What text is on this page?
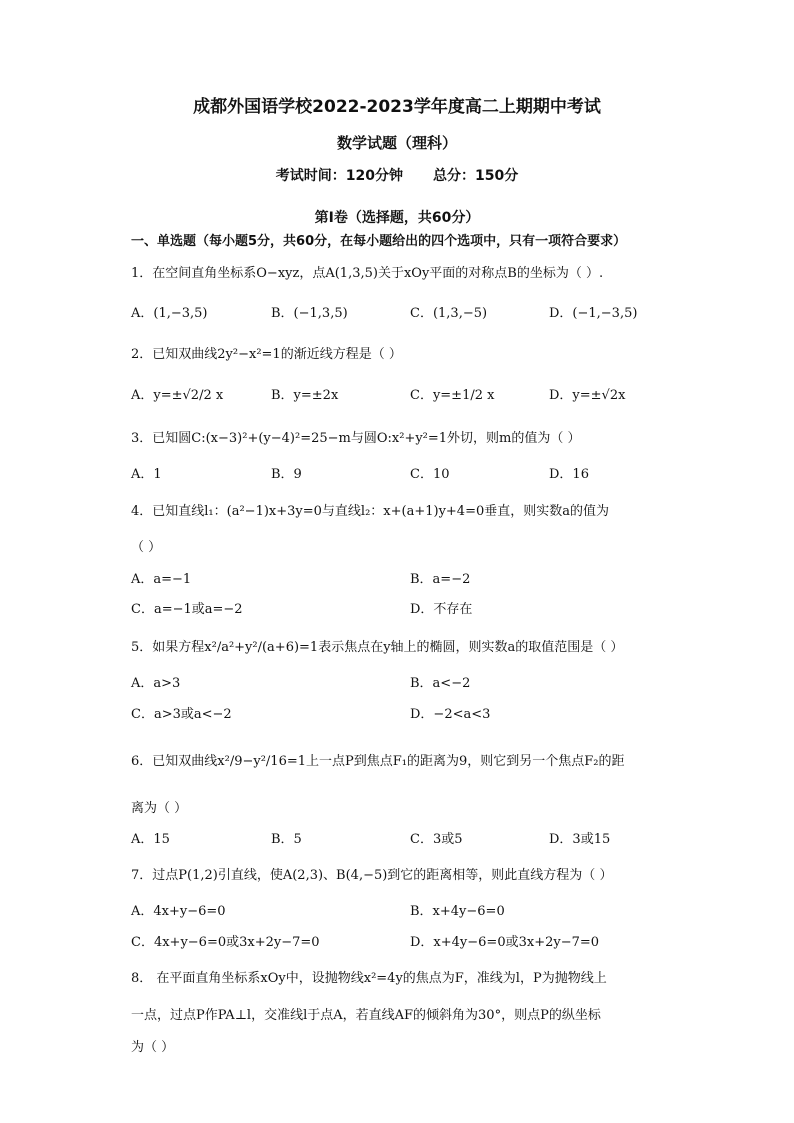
成都外国语学校2022-2023学年度高二上期期中考试
数学试题（理科）
考试时间：120分钟 总分：150分
第Ⅰ卷（选择题，共60分）
一、单选题（每小题5分，共60分，在每小题给出的四个选项中，只有一项符合要求）
1．在空间直角坐标系O−xyz，点A(1,3,5)关于xOy平面的对称点B的坐标为（ ）.
A．(1,−3,5)	B．(−1,3,5)	C．(1,3,−5)	D．(−1,−3,5)
2．已知双曲线2y²−x²=1的渐近线方程是（ ）
A．y=±√2/2 x	B．y=±2x	C．y=±1/2 x	D．y=±√2x
3．已知圆C:(x−3)²+(y−4)²=25−m与圆O:x²+y²=1外切，则m的值为（ ）
A．1	B．9	C．10	D．16
4．已知直线l₁：(a²−1)x+3y=0与直线l₂：x+(a+1)y+4=0垂直，则实数a的值为
（ ）
A．a=−1	B．a=−2
C．a=−1或a=−2	D．不存在
5．如果方程x²/a²+y²/(a+6)=1表示焦点在y轴上的椭圆，则实数a的取值范围是（ ）
A．a>3	B．a<−2
C．a>3或a<−2	D．−2<a<3
6．已知双曲线x²/9−y²/16=1上一点P到焦点F₁的距离为9，则它到另一个焦点F₂的距
离为（ ）
A．15	B．5	C．3或5	D．3或15
7．过点P(1,2)引直线，使A(2,3)、B(4,−5)到它的距离相等，则此直线方程为（ ）
A．4x+y−6=0	B．x+4y−6=0
C．4x+y−6=0或3x+2y−7=0	D．x+4y−6=0或3x+2y−7=0
8． 在平面直角坐标系xOy中，设抛物线x²=4y的焦点为F，准线为l，P为抛物线上
一点，过点P作PA⊥l，交准线l于点A，若直线AF的倾斜角为30°，则点P的纵坐标
为（ ）
